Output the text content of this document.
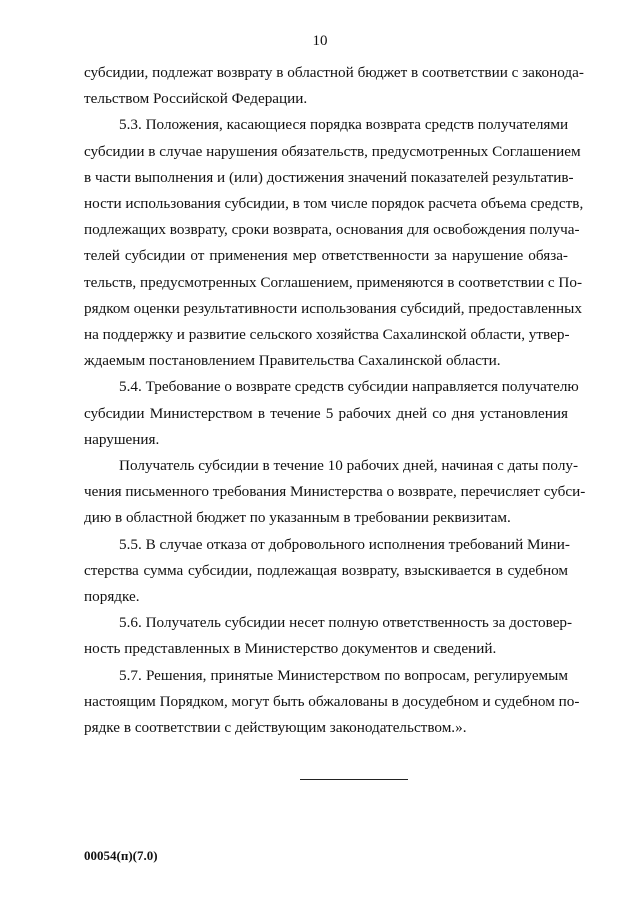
10
субсидии, подлежат возврату в областной бюджет в соответствии с законода-
тельством Российской Федерации.
5.3. Положения, касающиеся порядка возврата средств получателями
субсидии в случае нарушения обязательств, предусмотренных Соглашением
в части выполнения и (или) достижения значений показателей результатив-
ности использования субсидии, в том числе порядок расчета объема средств,
подлежащих возврату, сроки возврата, основания для освобождения получа-
телей субсидии от применения мер ответственности за нарушение обяза-
тельств, предусмотренных Соглашением, применяются в соответствии с По-
рядком оценки результативности использования субсидий, предоставленных
на поддержку и развитие сельского хозяйства Сахалинской области, утвер-
ждаемым постановлением Правительства Сахалинской области.
5.4. Требование о возврате средств субсидии направляется получателю
субсидии Министерством в течение 5 рабочих дней со дня установления
нарушения.
Получатель субсидии в течение 10 рабочих дней, начиная с даты полу-
чения письменного требования Министерства о возврате, перечисляет субси-
дию в областной бюджет по указанным в требовании реквизитам.
5.5. В случае отказа от добровольного исполнения требований Мини-
стерства сумма субсидии, подлежащая возврату, взыскивается в судебном
порядке.
5.6. Получатель субсидии несет полную ответственность за достовер-
ность представленных в Министерство документов и сведений.
5.7. Решения, принятые Министерством по вопросам, регулируемым
настоящим Порядком, могут быть обжалованы в досудебном и судебном по-
рядке в соответствии с действующим законодательством.».
00054(п)(7.0)
